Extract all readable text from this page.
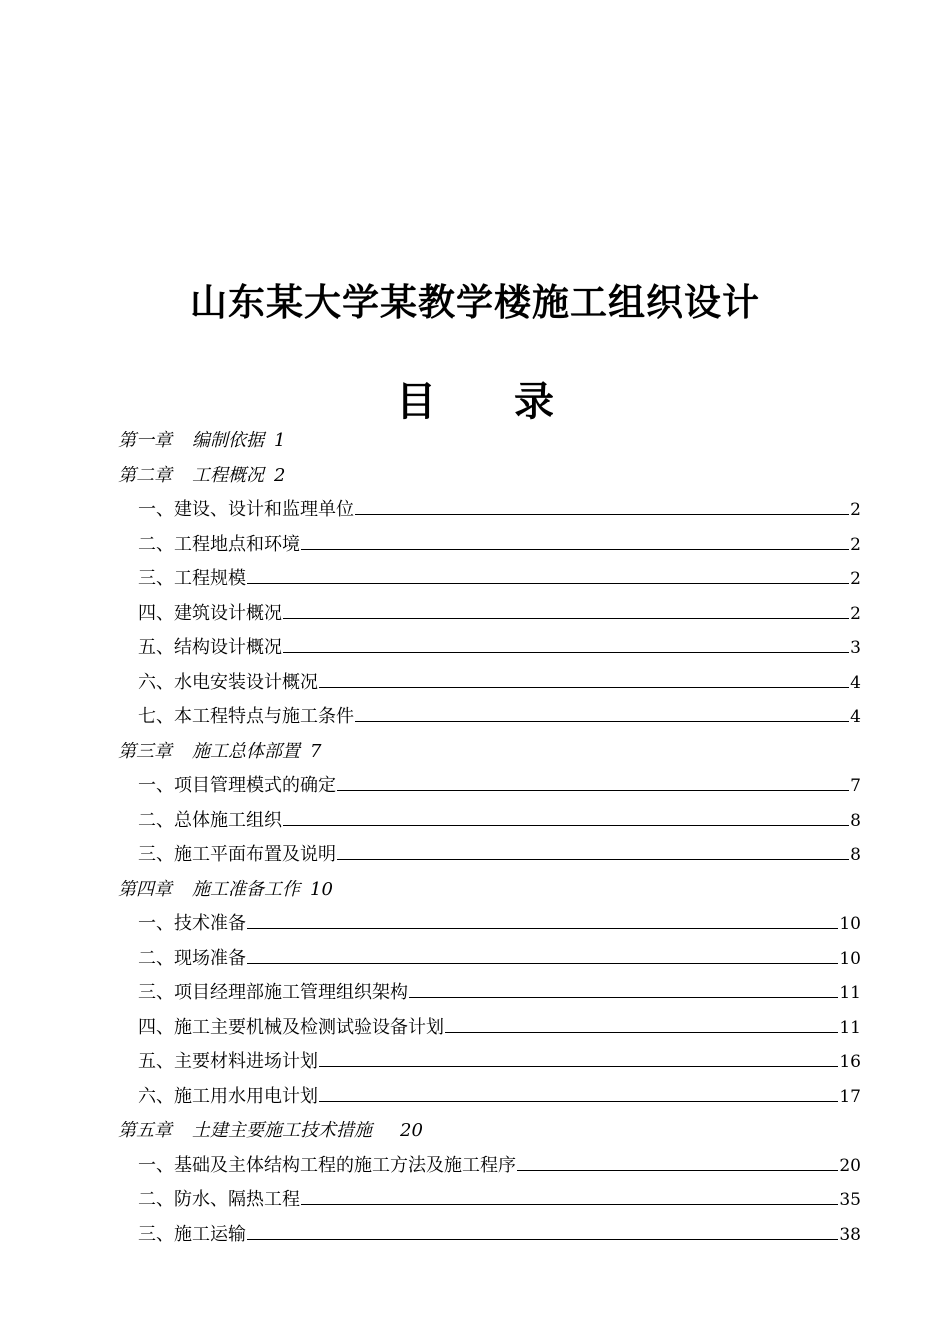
山东某大学某教学楼施工组织设计
目 录
第一章 编制依据 1
第二章 工程概况 2
一、建设、设计和监理单位	2
二、工程地点和环境	2
三、工程规模	2
四、建筑设计概况	2
五、结构设计概况	3
六、水电安装设计概况	4
七、本工程特点与施工条件	4
第三章 施工总体部置 7
一、项目管理模式的确定	7
二、总体施工组织	8
三、施工平面布置及说明	8
第四章 施工准备工作 10
一、技术准备	10
二、现场准备	10
三、项目经理部施工管理组织架构	11
四、施工主要机械及检测试验设备计划	11
五、主要材料进场计划	16
六、施工用水用电计划	17
第五章 土建主要施工技术措施 20
一、基础及主体结构工程的施工方法及施工程序	20
二、防水、隔热工程	35
三、施工运输	38
